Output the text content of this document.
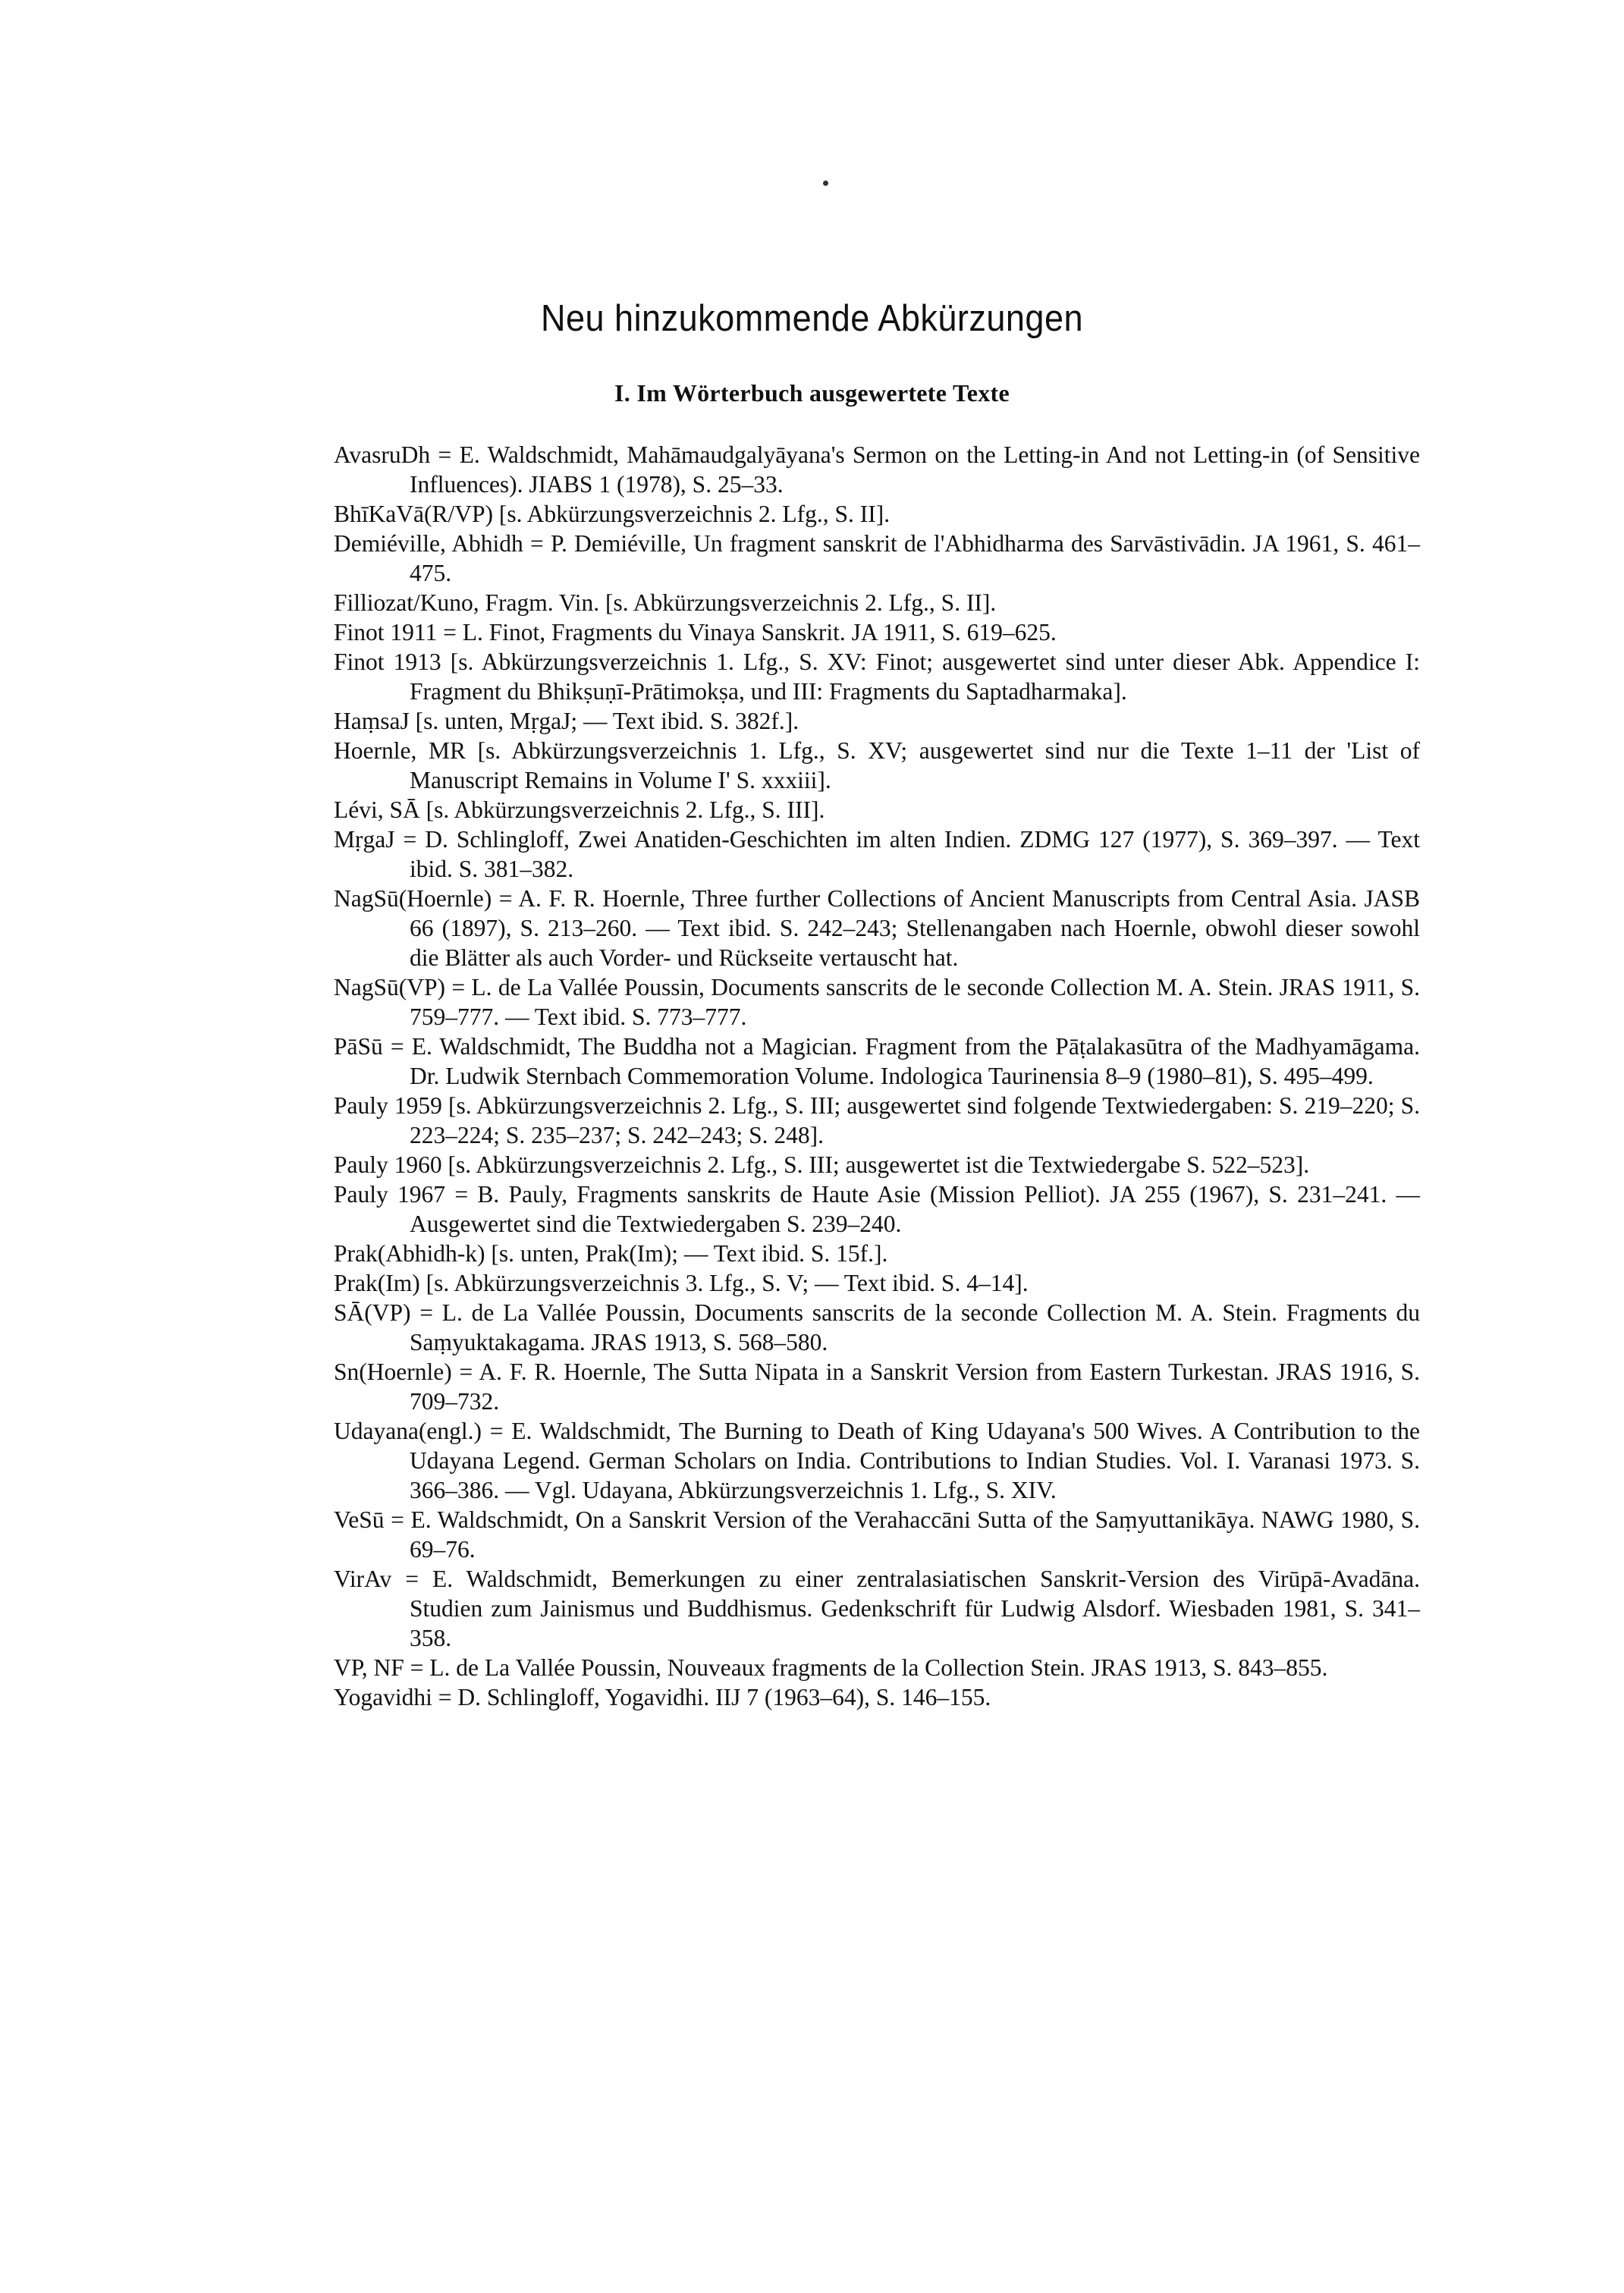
Neu hinzukommende Abkürzungen
I. Im Wörterbuch ausgewertete Texte

AvasruDh = E. Waldschmidt, Mahāmaudgalyāyana's Sermon on the Letting-in And not Letting-in (of Sensitive Influences). JIABS 1 (1978), S. 25–33.

BhīKaVā(R/VP) [s. Abkürzungsverzeichnis 2. Lfg., S. II].

Demiéville, Abhidh = P. Demiéville, Un fragment sanskrit de l'Abhidharma des Sarvāstivādin. JA 1961, S. 461–475.

Filliozat/Kuno, Fragm. Vin. [s. Abkürzungsverzeichnis 2. Lfg., S. II].

Finot 1911 = L. Finot, Fragments du Vinaya Sanskrit. JA 1911, S. 619–625.

Finot 1913 [s. Abkürzungsverzeichnis 1. Lfg., S. XV: Finot; ausgewertet sind unter dieser Abk. Appendice I: Fragment du Bhikṣuṇī-Prātimokṣa, und III: Fragments du Saptadharmaka].

HaṃsaJ [s. unten, MṛgaJ; — Text ibid. S. 382f.].

Hoernle, MR [s. Abkürzungsverzeichnis 1. Lfg., S. XV; ausgewertet sind nur die Texte 1–11 der 'List of Manuscript Remains in Volume I' S. xxxiii].

Lévi, SĀ [s. Abkürzungsverzeichnis 2. Lfg., S. III].

MṛgaJ = D. Schlingloff, Zwei Anatiden-Geschichten im alten Indien. ZDMG 127 (1977), S. 369–397. — Text ibid. S. 381–382.

NagSū(Hoernle) = A. F. R. Hoernle, Three further Collections of Ancient Manuscripts from Central Asia. JASB 66 (1897), S. 213–260. — Text ibid. S. 242–243; Stellenangaben nach Hoernle, obwohl dieser sowohl die Blätter als auch Vorder- und Rückseite vertauscht hat.

NagSū(VP) = L. de La Vallée Poussin, Documents sanscrits de le seconde Collection M. A. Stein. JRAS 1911, S. 759–777. — Text ibid. S. 773–777.

PāSū = E. Waldschmidt, The Buddha not a Magician. Fragment from the Pāṭalakasūtra of the Madhyamāgama. Dr. Ludwik Sternbach Commemoration Volume. Indologica Taurinensia 8–9 (1980–81), S. 495–499.

Pauly 1959 [s. Abkürzungsverzeichnis 2. Lfg., S. III; ausgewertet sind folgende Textwiedergaben: S. 219–220; S. 223–224; S. 235–237; S. 242–243; S. 248].

Pauly 1960 [s. Abkürzungsverzeichnis 2. Lfg., S. III; ausgewertet ist die Textwiedergabe S. 522–523].

Pauly 1967 = B. Pauly, Fragments sanskrits de Haute Asie (Mission Pelliot). JA 255 (1967), S. 231–241. — Ausgewertet sind die Textwiedergaben S. 239–240.

Prak(Abhidh-k) [s. unten, Prak(Im); — Text ibid. S. 15f.].

Prak(Im) [s. Abkürzungsverzeichnis 3. Lfg., S. V; — Text ibid. S. 4–14].

SĀ(VP) = L. de La Vallée Poussin, Documents sanscrits de la seconde Collection M. A. Stein. Fragments du Saṃyuktakagama. JRAS 1913, S. 568–580.

Sn(Hoernle) = A. F. R. Hoernle, The Sutta Nipata in a Sanskrit Version from Eastern Turkestan. JRAS 1916, S. 709–732.

Udayana(engl.) = E. Waldschmidt, The Burning to Death of King Udayana's 500 Wives. A Contribution to the Udayana Legend. German Scholars on India. Contributions to Indian Studies. Vol. I. Varanasi 1973. S. 366–386. — Vgl. Udayana, Abkürzungsverzeichnis 1. Lfg., S. XIV.

VeSū = E. Waldschmidt, On a Sanskrit Version of the Verahaccāni Sutta of the Saṃyuttanikāya. NAWG 1980, S. 69–76.

VirAv = E. Waldschmidt, Bemerkungen zu einer zentralasiatischen Sanskrit-Version des Virūpā-Avadāna. Studien zum Jainismus und Buddhismus. Gedenkschrift für Ludwig Alsdorf. Wiesbaden 1981, S. 341–358.

VP, NF = L. de La Vallée Poussin, Nouveaux fragments de la Collection Stein. JRAS 1913, S. 843–855.

Yogavidhi = D. Schlingloff, Yogavidhi. IIJ 7 (1963–64), S. 146–155.
